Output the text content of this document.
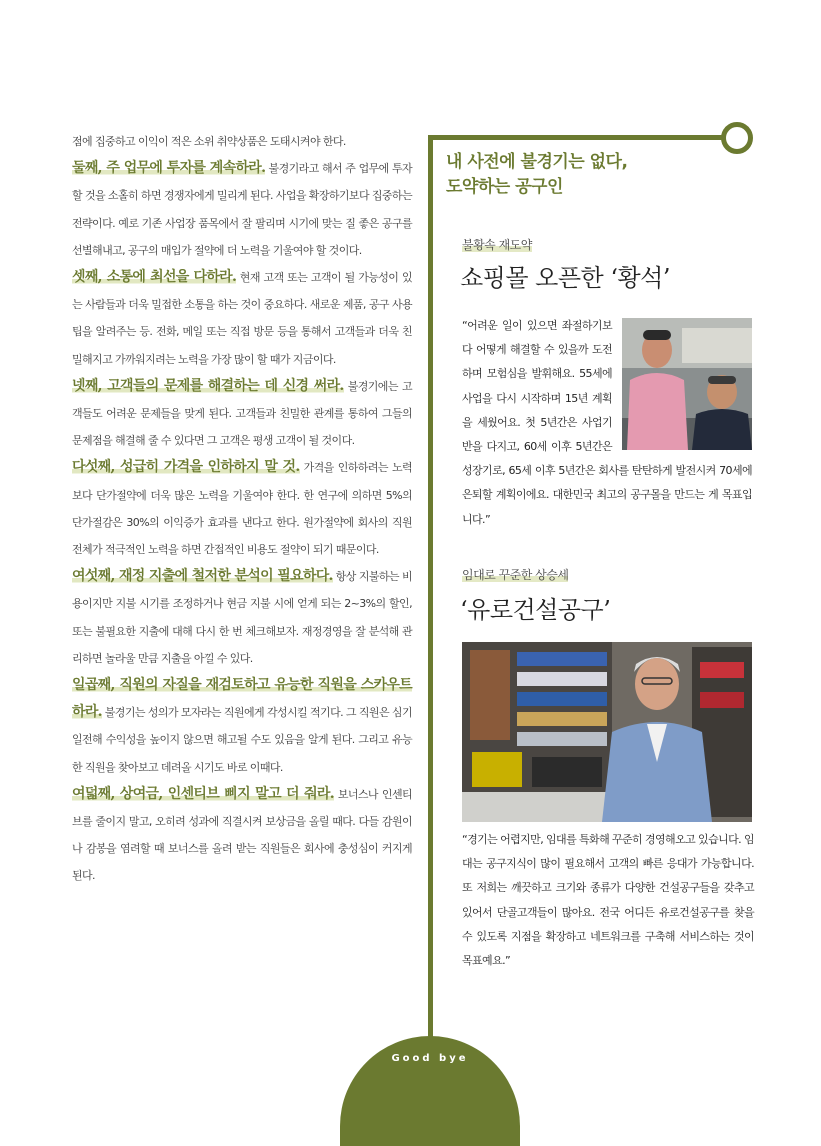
점에 집중하고 이익이 적은 소위 취약상품은 도태시켜야 한다.

둘째, 주 업무에 투자를 계속하라. 불경기라고 해서 주 업무에 투자할 것을 소홀히 하면 경쟁자에게 밀리게 된다. 사업을 확장하기보다 집중하는 전략이다. 예로 기존 사업장 품목에서 잘 팔리며 시기에 맞는 질 좋은 공구를 선별해내고, 공구의 매입가 절약에 더 노력을 기울여야 할 것이다.

셋째, 소통에 최선을 다하라. 현재 고객 또는 고객이 될 가능성이 있는 사람들과 더욱 밀접한 소통을 하는 것이 중요하다. 새로운 제품, 공구 사용 팁을 알려주는 등. 전화, 메일 또는 직접 방문 등을 통해서 고객들과 더욱 친밀해지고 가까워지려는 노력을 가장 많이 할 때가 지금이다.

넷째, 고객들의 문제를 해결하는 데 신경 써라. 불경기에는 고객들도 어려운 문제들을 맞게 된다. 고객들과 친밀한 관계를 통하여 그들의 문제점을 해결해 줄 수 있다면 그 고객은 평생 고객이 될 것이다.

다섯째, 성급히 가격을 인하하지 말 것. 가격을 인하하려는 노력보다 단가절약에 더욱 많은 노력을 기울여야 한다. 한 연구에 의하면 5%의 단가절감은 30%의 이익증가 효과를 낸다고 한다. 원가절약에 회사의 직원 전체가 적극적인 노력을 하면 간접적인 비용도 절약이 되기 때문이다.

여섯째, 재정 지출에 철저한 분석이 필요하다. 항상 지불하는 비용이지만 지불 시기를 조정하거나 현금 지불 시에 얻게 되는 2~3%의 할인, 또는 불필요한 지출에 대해 다시 한 번 체크해보자. 재정경영을 잘 분석해 관리하면 놀라울 만큼 지출을 아낄 수 있다.

일곱째, 직원의 자질을 재검토하고 유능한 직원을 스카우트하라. 불경기는 성의가 모자라는 직원에게 각성시킬 적기다. 그 직원은 심기일전해 수익성을 높이지 않으면 해고될 수도 있음을 알게 된다. 그리고 유능한 직원을 찾아보고 데려올 시기도 바로 이때다.

여덟째, 상여금, 인센티브 삐지 말고 더 줘라. 보너스나 인센티브를 줄이지 말고, 오히려 성과에 직결시켜 보상금을 올릴 때다. 다들 감원이나 감봉을 염려할 때 보너스를 올려 받는 직원들은 회사에 충성심이 커지게 된다.

내 사전에 불경기는 없다,
도약하는 공구인
불황속 재도약
쇼핑몰 오픈한 ‘황석’
“어려운 일이 있으면 좌절하기보다 어떻게 해결할 수 있을까 도전하며 모험심을 발휘해요. 55세에 사업을 다시 시작하며 15년 계획을 세웠어요. 첫 5년간은 사업기반을 다지고, 60세 이후 5년간은 성장기로, 65세 이후 5년간은 회사를 탄탄하게 발전시켜 70세에 은퇴할 계획이에요. 대한민국 최고의 공구몰을 만드는 게 목표입니다.”
임대로 꾸준한 상승세
‘유로건설공구’
“경기는 어렵지만, 임대를 특화해 꾸준히 경영해오고 있습니다. 임대는 공구지식이 많이 필요해서 고객의 빠른 응대가 가능합니다. 또 저희는 깨끗하고 크기와 종류가 다양한 건설공구들을 갖추고 있어서 단골고객들이 많아요. 전국 어디든 유로건설공구를 찾을 수 있도록 지점을 확장하고 네트워크를 구축해 서비스하는 것이 목표예요.”
Good bye
